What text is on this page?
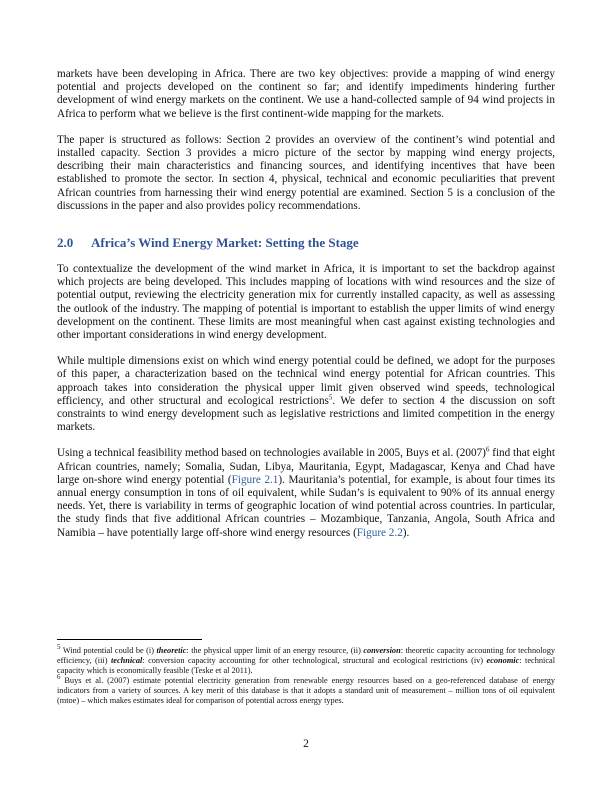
markets have been developing in Africa. There are two key objectives: provide a mapping of wind energy potential and projects developed on the continent so far; and identify impediments hindering further development of wind energy markets on the continent. We use a hand-collected sample of 94 wind projects in Africa to perform what we believe is the first continent-wide mapping for the markets.

The paper is structured as follows: Section 2 provides an overview of the continent’s wind potential and installed capacity. Section 3 provides a micro picture of the sector by mapping wind energy projects, describing their main characteristics and financing sources, and identifying incentives that have been established to promote the sector. In section 4, physical, technical and economic peculiarities that prevent African countries from harnessing their wind energy potential are examined. Section 5 is a conclusion of the discussions in the paper and also provides policy recommendations.

2.0 Africa’s Wind Energy Market: Setting the Stage

To contextualize the development of the wind market in Africa, it is important to set the backdrop against which projects are being developed. This includes mapping of locations with wind resources and the size of potential output, reviewing the electricity generation mix for currently installed capacity, as well as assessing the outlook of the industry. The mapping of potential is important to establish the upper limits of wind energy development on the continent. These limits are most meaningful when cast against existing technologies and other important considerations in wind energy development.

While multiple dimensions exist on which wind energy potential could be defined, we adopt for the purposes of this paper, a characterization based on the technical wind energy potential for African countries. This approach takes into consideration the physical upper limit given observed wind speeds, technological efficiency, and other structural and ecological restrictions$^5$. We defer to section 4 the discussion on soft constraints to wind energy development such as legislative restrictions and limited competition in the energy markets.

Using a technical feasibility method based on technologies available in 2005, Buys et al. $(2007)^6$ find that eight African countries, namely; Somalia, Sudan, Libya, Mauritania, Egypt, Madagascar, Kenya and Chad have large on-shore wind energy potential (Figure 2.1). Mauritania’s potential, for example, is about four times its annual energy consumption in tons of oil equivalent, while Sudan’s is equivalent to 90% of its annual energy needs. Yet, there is variability in terms of geographic location of wind potential across countries. In particular, the study finds that five additional African countries – Mozambique, Tanzania, Angola, South Africa and Namibia – have potentially large off-shore wind energy resources (Figure 2.2).

$^5$ Wind potential could be (i) theoretic: the physical upper limit of an energy resource, (ii) conversion: theoretic capacity accounting for technology efficiency, (iii) technical: conversion capacity accounting for other technological, structural and ecological restrictions (iv) economic: technical capacity which is economically feasible (Teske et al 2011).

$^6$ Buys et al. (2007) estimate potential electricity generation from renewable energy resources based on a geo-referenced database of energy indicators from a variety of sources. A key merit of this database is that it adopts a standard unit of measurement – million tons of oil equivalent (mtoe) – which makes estimates ideal for comparison of potential across energy types.

2
